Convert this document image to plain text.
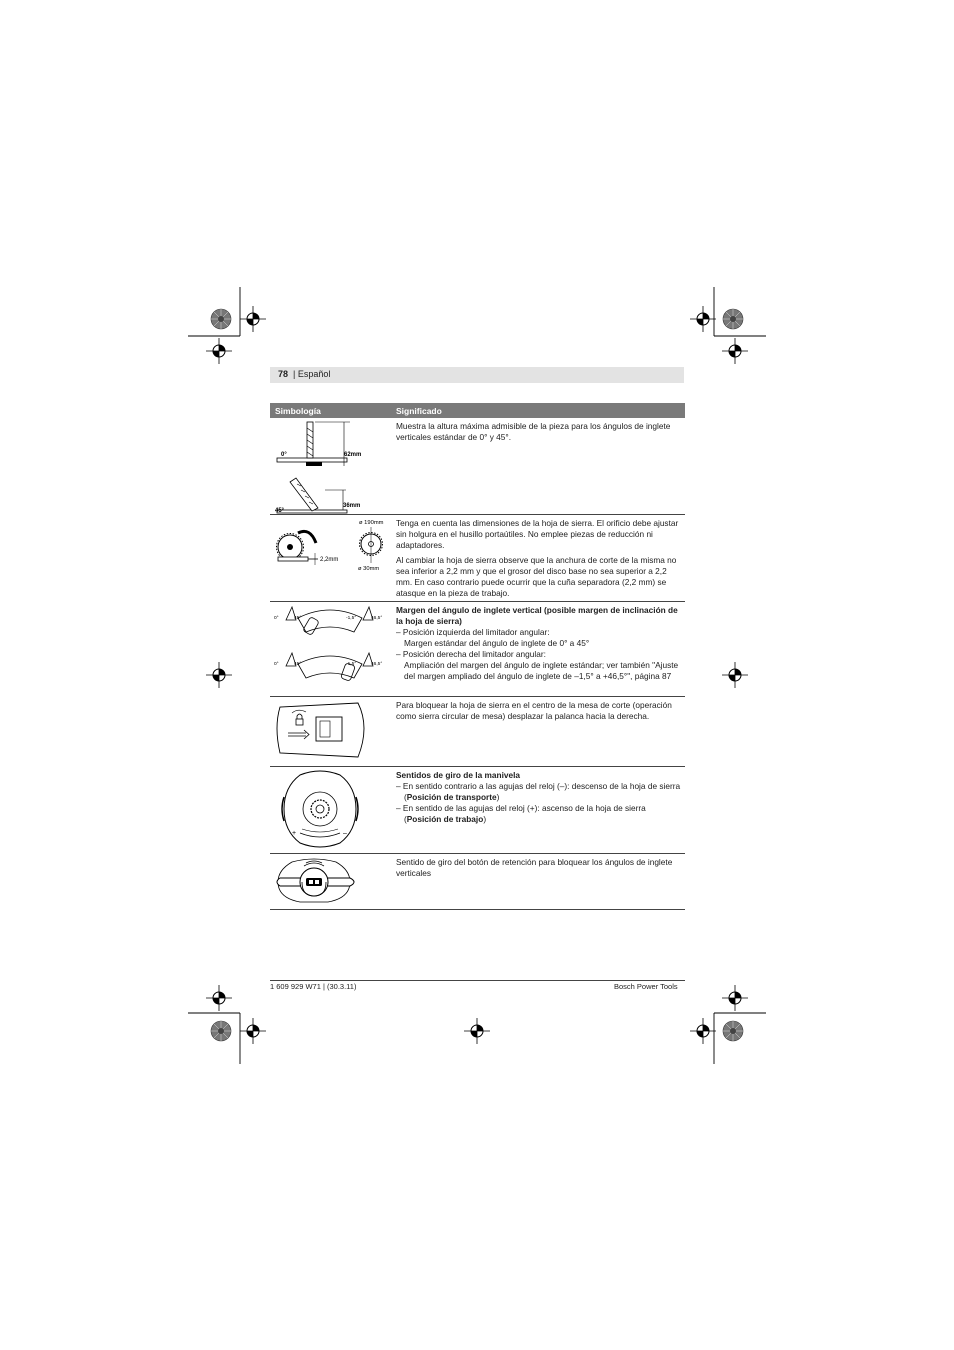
78 | Español
Simbología	Significado
0°	62mm
45°
36mm

Muestra la altura máxima admisible de la pieza para los ángulos de inglete verticales estándar de 0° y 45°.

2,2mm
ø 190mm
ø 30mm

Tenga en cuenta las dimensiones de la hoja de sierra. El orificio debe ajustar sin holgura en el husillo portaútiles. No emplee piezas de reducción ni adaptadores.

Al cambiar la hoja de sierra observe que la anchura de corte de la misma no sea inferior a 2,2 mm y que el grosor del disco base no sea superior a 2,2 mm. En caso contrario puede ocurrir que la cuña separadora (2,2 mm) se atasque en la pieza de trabajo.

0°	45°	-1,5°	46,5°
0°	45°	-1,5°	46,5°

Margen del ángulo de inglete vertical (posible margen de inclinación de la hoja de sierra)

– Posición izquierda del limitador angular:
Margen estándar del ángulo de inglete de 0° a 45°
– Posición derecha del limitador angular:
Ampliación del margen del ángulo de inglete estándar; ver también "Ajuste del margen ampliado del ángulo de inglete de –1,5° a +46,5°", página 87

Para bloquear la hoja de sierra en el centro de la mesa de corte (operación como sierra circular de mesa) desplazar la palanca hacia la derecha.

+	–
Sentidos de giro de la manivela
– En sentido contrario a las agujas del reloj (–): descenso de la hoja de sierra (Posición de transporte)
– En sentido de las agujas del reloj (+): ascenso de la hoja de sierra (Posición de trabajo)

Sentido de giro del botón de retención para bloquear los ángulos de inglete verticales

1 609 929 W71 | (30.3.11)	Bosch Power Tools
